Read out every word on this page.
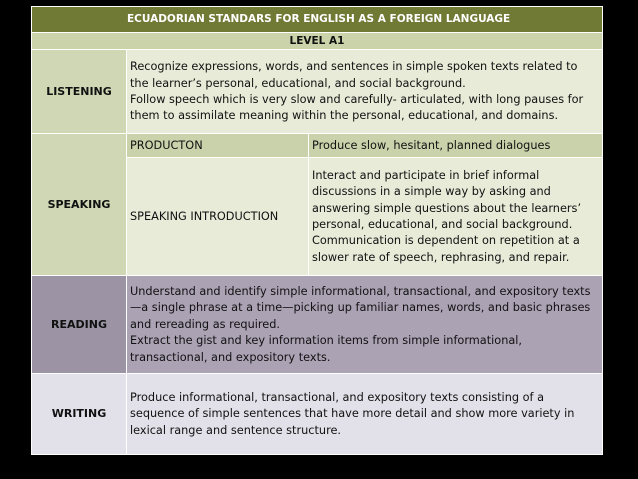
ECUADORIAN STANDARS FOR ENGLISH AS A FOREIGN LANGUAGE		
LEVEL A1		
LISTENING	Recognize expressions, words, and sentences in simple spoken texts related to the learner’s personal, educational, and social background.

Follow speech which is very slow and carefully- articulated, with long pauses for them to assimilate meaning within the personal, educational, and domains.	

SPEAKING	PRODUCTON	Produce slow, hesitant, planned dialogues
	SPEAKING INTRODUCTION	Interact and participate in brief informal discussions in a simple way by asking and answering simple questions about the learners’ personal, educational, and social background. Communication is dependent on repetition at a slower rate of speech, rephrasing, and repair.
READING	Understand and identify simple informational, transactional, and expository texts—a single phrase at a time—picking up familiar names, words, and basic phrases and rereading as required.

Extract the gist and key information items from simple informational, transactional, and expository texts.	

WRITING	Produce informational, transactional, and expository texts consisting of a sequence of simple sentences that have more detail and show more variety in lexical range and sentence structure.	
